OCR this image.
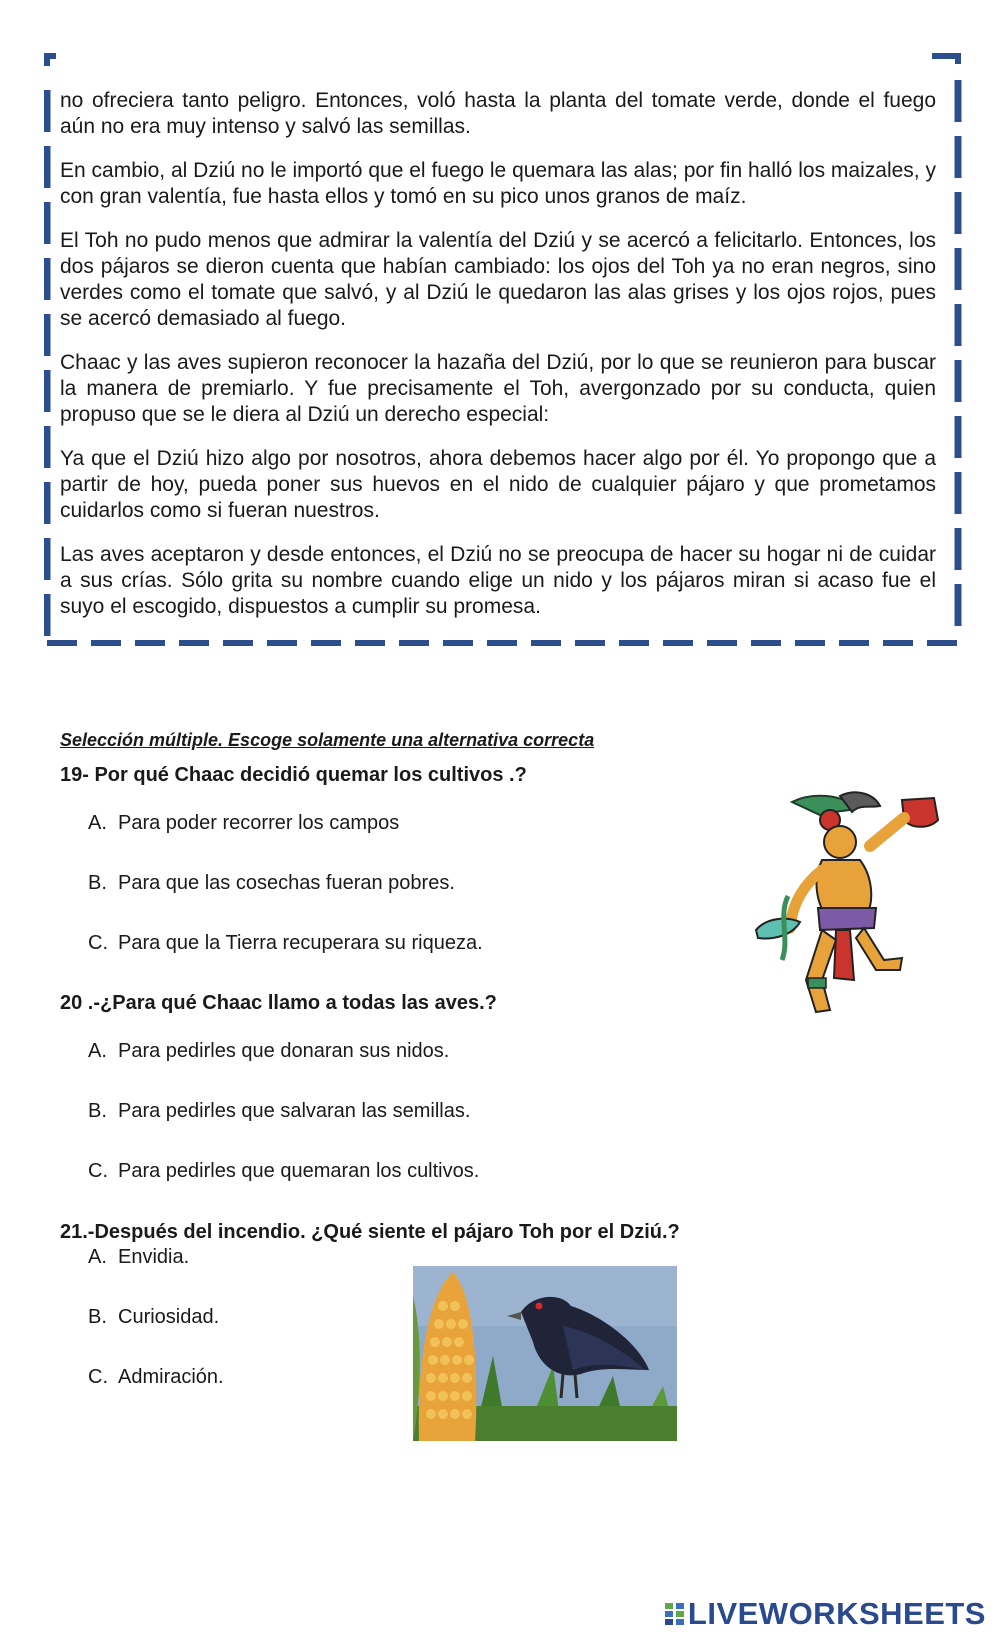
no ofreciera tanto peligro. Entonces, voló hasta la planta del tomate verde, donde el fuego aún no era muy intenso y salvó las semillas.

En cambio, al Dziú no le importó que el fuego le quemara las alas; por fin halló los maizales, y con gran valentía, fue hasta ellos y tomó en su pico unos granos de maíz.

El Toh no pudo menos que admirar la valentía del Dziú y se acercó a felicitarlo. Entonces, los dos pájaros se dieron cuenta que habían cambiado: los ojos del Toh ya no eran negros, sino verdes como el tomate que salvó, y al Dziú le quedaron las alas grises y los ojos rojos, pues se acercó demasiado al fuego.

Chaac y las aves supieron reconocer la hazaña del Dziú, por lo que se reunieron para buscar la manera de premiarlo. Y fue precisamente el Toh, avergonzado por su conducta, quien propuso que se le diera al Dziú un derecho especial:

Ya que el Dziú hizo algo por nosotros, ahora debemos hacer algo por él. Yo propongo que a partir de hoy, pueda poner sus huevos en el nido de cualquier pájaro y que prometamos cuidarlos como si fueran nuestros.

Las aves aceptaron y desde entonces, el Dziú no se preocupa de hacer su hogar ni de cuidar a sus crías. Sólo grita su nombre cuando elige un nido y los pájaros miran si acaso fue el suyo el escogido, dispuestos a cumplir su promesa.

Selección múltiple. Escoge solamente una alternativa correcta
19- Por qué Chaac decidió quemar los cultivos .?
A. Para poder recorrer los campos
B. Para que las cosechas fueran pobres.
C. Para que la Tierra recuperara su riqueza.
20 .-¿Para qué Chaac llamo a todas las aves.?
A. Para pedirles que donaran sus nidos.
B. Para pedirles que salvaran las semillas.
C. Para pedirles que quemaran los cultivos.
21.-Después del incendio. ¿Qué siente el pájaro Toh por el Dziú.?
A. Envidia.
B. Curiosidad.
C. Admiración.
LIVEWORKSHEETS
